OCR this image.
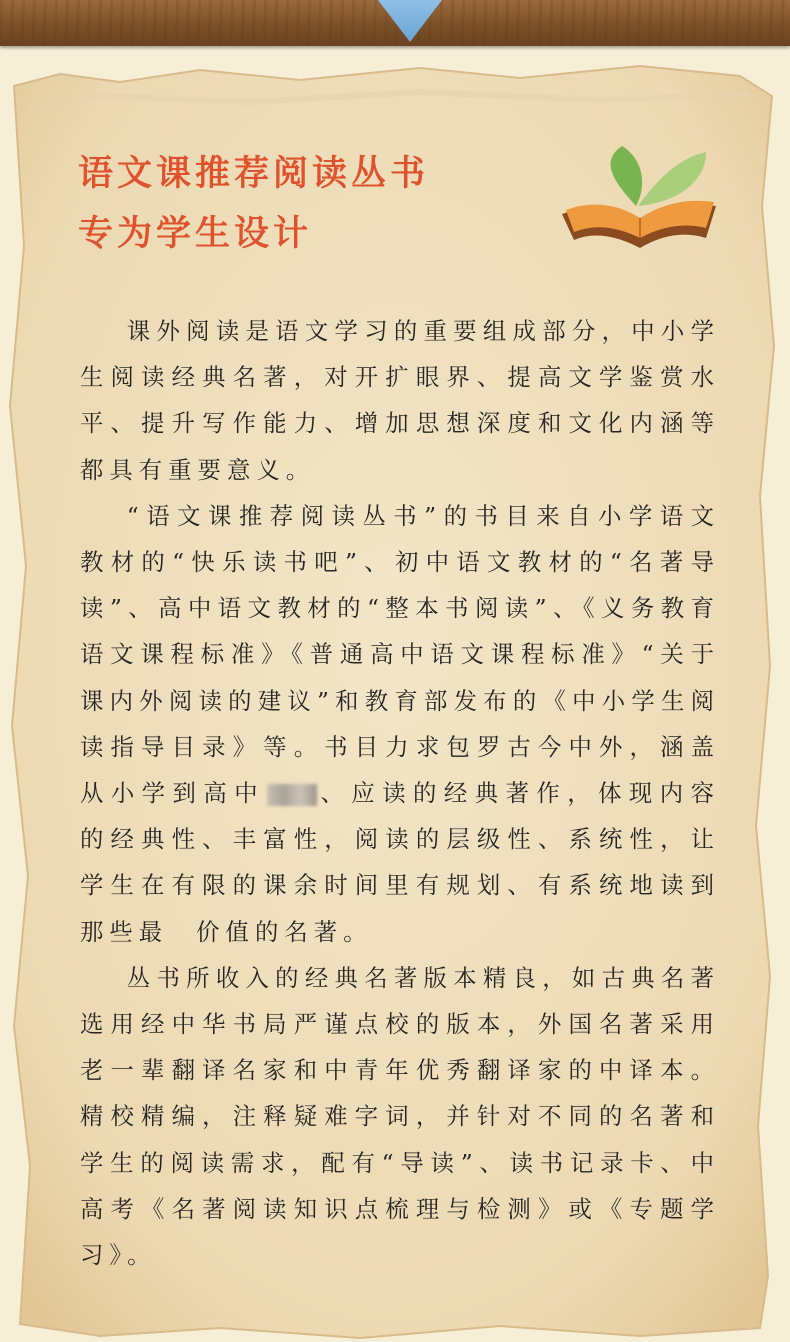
语文课推荐阅读丛书
专为学生设计

课外阅读是语文学习的重要组成部分，中小学生阅读经典名著，对开扩眼界、提高文学鉴赏水平、提升写作能力、增加思想深度和文化内涵等都具有重要意义。

“语文课推荐阅读丛书”的书目来自小学语文教材的“快乐读书吧”、初中语文教材的“名著导读”、高中语文教材的“整本书阅读”、《义务教育语文课程标准》《普通高中语文课程标准》“关于课内外阅读的建议”和教育部发布的《中小学生阅读指导目录》等。书目力求包罗古今中外，涵盖从小学到高中 、应读的经典著作，体现内容的经典性、丰富性，阅读的层级性、系统性，让学生在有限的课余时间里有规划、有系统地读到那些最 价值的名著。

丛书所收入的经典名著版本精良，如古典名著选用经中华书局严谨点校的版本，外国名著采用老一辈翻译名家和中青年优秀翻译家的中译本。精校精编，注释疑难字词，并针对不同的名著和学生的阅读需求，配有“导读”、读书记录卡、中高考《名著阅读知识点梳理与检测》或《专题学习》。
